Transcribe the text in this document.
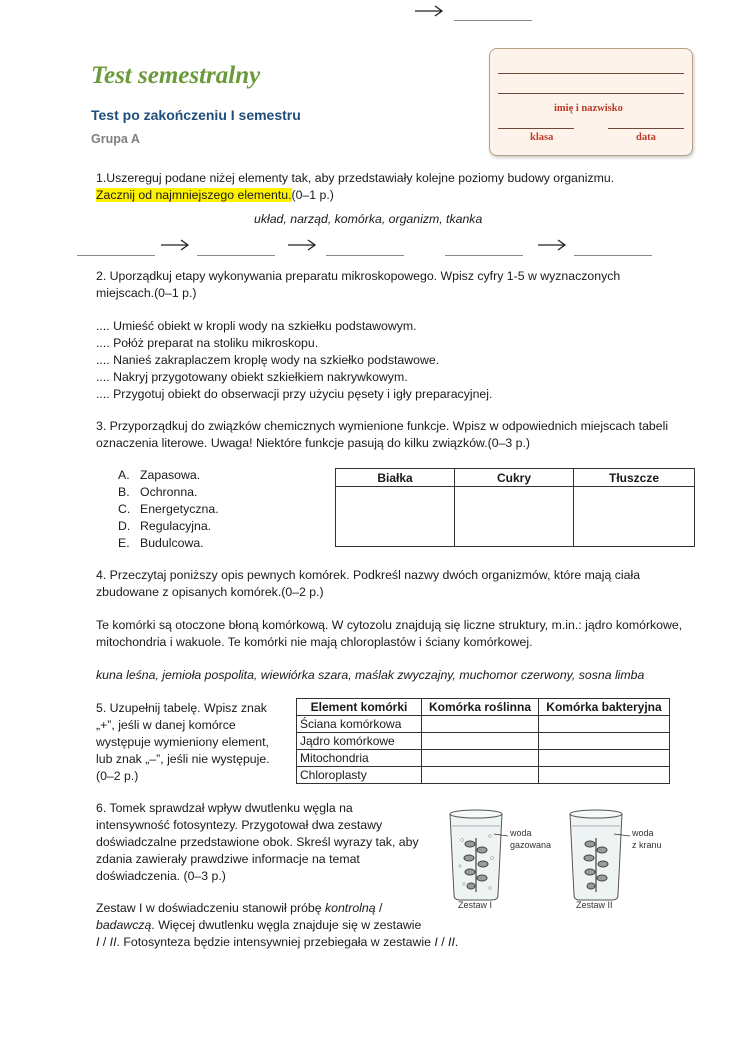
Test semestralny
Test po zakończeniu I semestru
Grupa A
imię i nazwisko
klasa	data
1.Uszereguj podane niżej elementy tak, aby przedstawiały kolejne poziomy budowy organizmu.
Zacznij od najmniejszego elementu.(0–1 p.)
układ, narząd, komórka, organizm, tkanka
2. Uporządkuj etapy wykonywania preparatu mikroskopowego. Wpisz cyfry 1-5 w wyznaczonych
miejscach.(0–1 p.)
.... Umieść obiekt w kropli wody na szkiełku podstawowym.
.... Połóż preparat na stoliku mikroskopu.
.... Nanieś zakraplaczem kroplę wody na szkiełko podstawowe.
.... Nakryj przygotowany obiekt szkiełkiem nakrywkowym.
.... Przygotuj obiekt do obserwacji przy użyciu pęsety i igły preparacyjnej.
3. Przyporządkuj do związków chemicznych wymienione funkcje. Wpisz w odpowiednich miejscach tabeli
oznaczenia literowe. Uwaga! Niektóre funkcje pasują do kilku związków.(0–3 p.)
A. Zapasowa.
B. Ochronna.
C. Energetyczna.
D. Regulacyjna.
E. Budulcowa.
Białka	Cukry	Tłuszcze

4. Przeczytaj poniższy opis pewnych komórek. Podkreśl nazwy dwóch organizmów, które mają ciała
zbudowane z opisanych komórek.(0–2 p.)
Te komórki są otoczone błoną komórkową. W cytozolu znajdują się liczne struktury, m.in.: jądro komórkowe,
mitochondria i wakuole. Te komórki nie mają chloroplastów i ściany komórkowej.
kuna leśna, jemioła pospolita, wiewiórka szara, maślak zwyczajny, muchomor czerwony, sosna limba
5. Uzupełnij tabelę. Wpisz znak
„+”, jeśli w danej komórce
występuje wymieniony element,
lub znak „–”, jeśli nie występuje.
(0–2 p.)
Element komórki	Komórka roślinna	Komórka bakteryjna
Ściana komórkowa		
Jądro komórkowe		
Mitochondria		
Chloroplasty		
6. Tomek sprawdzał wpływ dwutlenku węgla na
intensywność fotosyntezy. Przygotował dwa zestawy
doświadczalne przedstawione obok. Skreśl wyrazy tak, aby
zdania zawierały prawdziwe informacje na temat
doświadczenia. (0–3 p.)
Zestaw I w doświadczeniu stanowił próbę kontrolną /
badawczą. Więcej dwutlenku węgla znajduje się w zestawie
I / II. Fotosynteza będzie intensywniej przebiegała w zestawie I / II.
woda
gazowana
Zestaw I
woda
z kranu
Zestaw II
